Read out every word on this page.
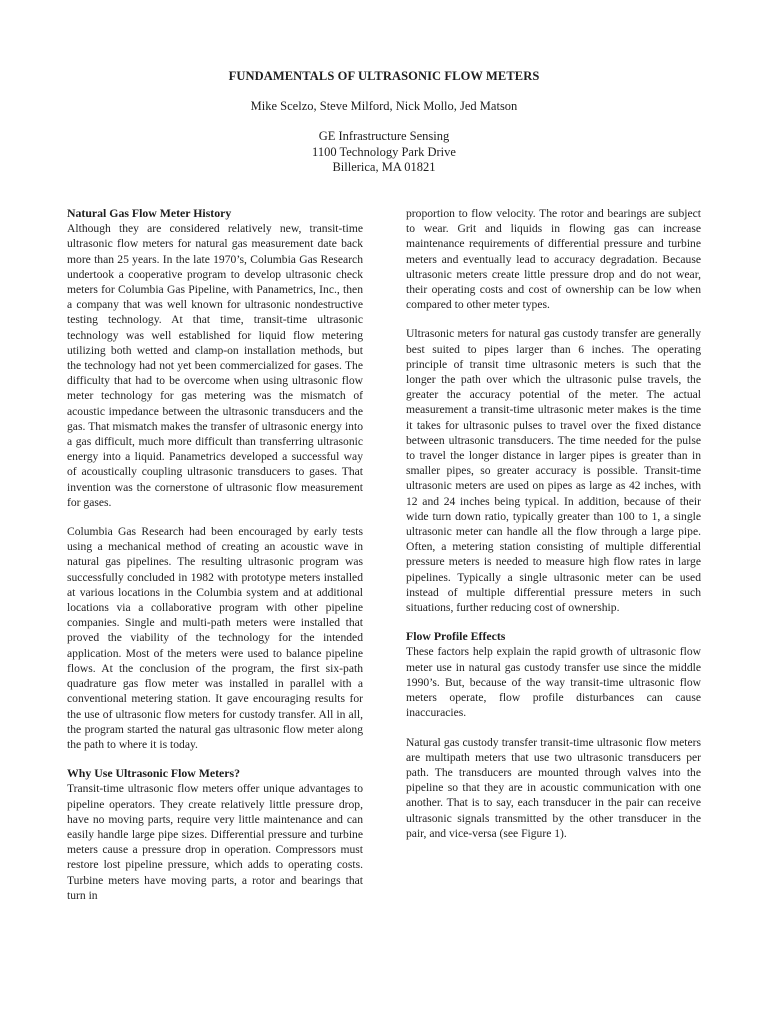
FUNDAMENTALS OF ULTRASONIC FLOW METERS
Mike Scelzo, Steve Milford, Nick Mollo, Jed Matson
GE Infrastructure Sensing
1100 Technology Park Drive
Billerica, MA 01821
Natural Gas Flow Meter History

Although they are considered relatively new, transit-time ultrasonic flow meters for natural gas measurement date back more than 25 years. In the late 1970’s, Columbia Gas Research undertook a cooperative program to develop ultrasonic check meters for Columbia Gas Pipeline, with Panametrics, Inc., then a company that was well known for ultrasonic nondestructive testing technology. At that time, transit-time ultrasonic technology was well established for liquid flow metering utilizing both wetted and clamp-on installation methods, but the technology had not yet been commercialized for gases. The difficulty that had to be overcome when using ultrasonic flow meter technology for gas metering was the mismatch of acoustic impedance between the ultrasonic transducers and the gas. That mismatch makes the transfer of ultrasonic energy into a gas difficult, much more difficult than transferring ultrasonic energy into a liquid. Panametrics developed a successful way of acoustically coupling ultrasonic transducers to gases. That invention was the cornerstone of ultrasonic flow measurement for gases.

Columbia Gas Research had been encouraged by early tests using a mechanical method of creating an acoustic wave in natural gas pipelines. The resulting ultrasonic program was successfully concluded in 1982 with prototype meters installed at various locations in the Columbia system and at additional locations via a collaborative program with other pipeline companies. Single and multi-path meters were installed that proved the viability of the technology for the intended application. Most of the meters were used to balance pipeline flows. At the conclusion of the program, the first six-path quadrature gas flow meter was installed in parallel with a conventional metering station. It gave encouraging results for the use of ultrasonic flow meters for custody transfer. All in all, the program started the natural gas ultrasonic flow meter along the path to where it is today.

Why Use Ultrasonic Flow Meters?

Transit-time ultrasonic flow meters offer unique advantages to pipeline operators. They create relatively little pressure drop, have no moving parts, require very little maintenance and can easily handle large pipe sizes. Differential pressure and turbine meters cause a pressure drop in operation. Compressors must restore lost pipeline pressure, which adds to operating costs. Turbine meters have moving parts, a rotor and bearings that turn in

proportion to flow velocity. The rotor and bearings are subject to wear. Grit and liquids in flowing gas can increase maintenance requirements of differential pressure and turbine meters and eventually lead to accuracy degradation. Because ultrasonic meters create little pressure drop and do not wear, their operating costs and cost of ownership can be low when compared to other meter types.

Ultrasonic meters for natural gas custody transfer are generally best suited to pipes larger than 6 inches. The operating principle of transit time ultrasonic meters is such that the longer the path over which the ultrasonic pulse travels, the greater the accuracy potential of the meter. The actual measurement a transit-time ultrasonic meter makes is the time it takes for ultrasonic pulses to travel over the fixed distance between ultrasonic transducers. The time needed for the pulse to travel the longer distance in larger pipes is greater than in smaller pipes, so greater accuracy is possible. Transit-time ultrasonic meters are used on pipes as large as 42 inches, with 12 and 24 inches being typical. In addition, because of their wide turn down ratio, typically greater than 100 to 1, a single ultrasonic meter can handle all the flow through a large pipe. Often, a metering station consisting of multiple differential pressure meters is needed to measure high flow rates in large pipelines. Typically a single ultrasonic meter can be used instead of multiple differential pressure meters in such situations, further reducing cost of ownership.

Flow Profile Effects

These factors help explain the rapid growth of ultrasonic flow meter use in natural gas custody transfer use since the middle 1990’s. But, because of the way transit-time ultrasonic flow meters operate, flow profile disturbances can cause inaccuracies.

Natural gas custody transfer transit-time ultrasonic flow meters are multipath meters that use two ultrasonic transducers per path. The transducers are mounted through valves into the pipeline so that they are in acoustic communication with one another. That is to say, each transducer in the pair can receive ultrasonic signals transmitted by the other transducer in the pair, and vice-versa (see Figure 1).
